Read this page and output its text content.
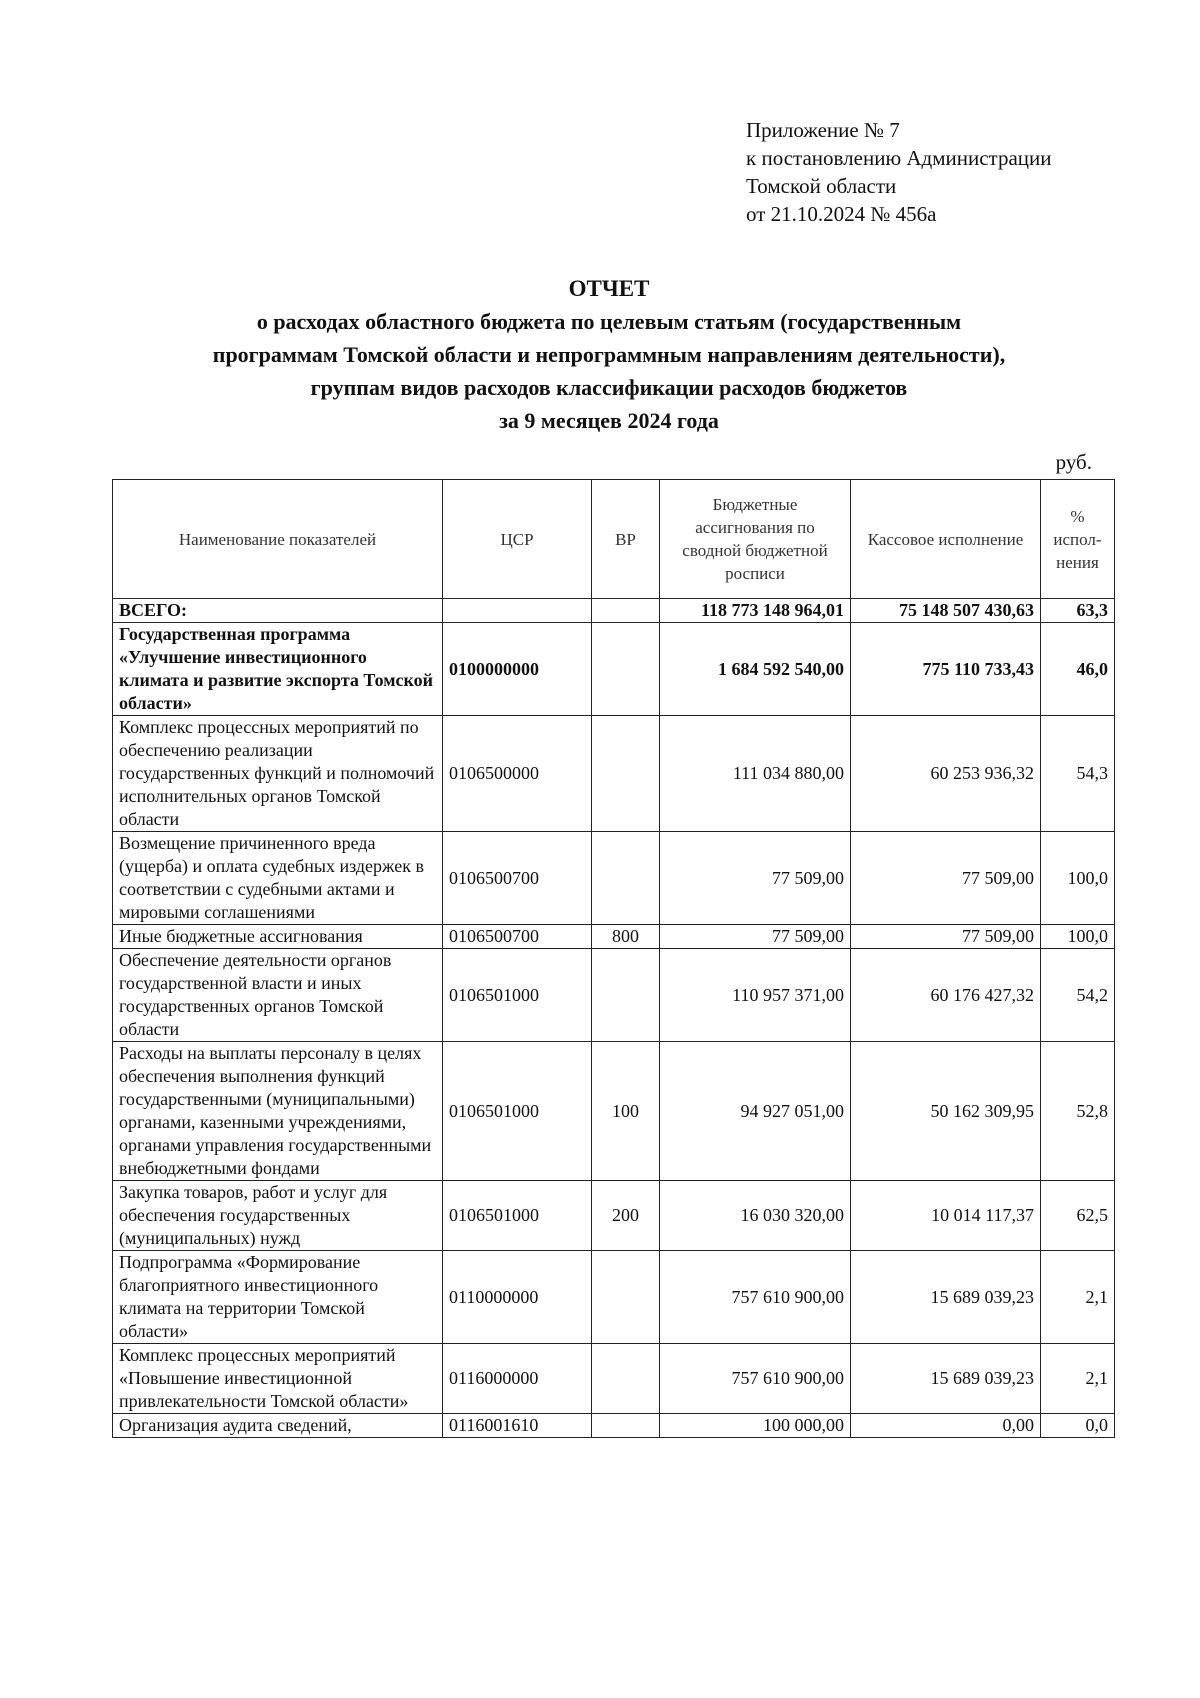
Приложение № 7
к постановлению Администрации
Томской области
от 21.10.2024 № 456а
ОТЧЕТ
о расходах областного бюджета по целевым статьям (государственным
программам Томской области и непрограммным направлениям деятельности),
группам видов расходов классификации расходов бюджетов
за 9 месяцев 2024 года
руб.
Наименование показателей	ЦСР	ВР	Бюджетные ассигнования по сводной бюджетной росписи	Кассовое исполнение	% испол-нения
ВСЕГО:			118 773 148 964,01	75 148 507 430,63	63,3
Государственная программа «Улучшение инвестиционного климата и развитие экспорта Томской области»	0100000000		1 684 592 540,00	775 110 733,43	46,0
Комплекс процессных мероприятий по обеспечению реализации государственных функций и полномочий исполнительных органов Томской области	0106500000		111 034 880,00	60 253 936,32	54,3
Возмещение причиненного вреда (ущерба) и оплата судебных издержек в соответствии с судебными актами и мировыми соглашениями	0106500700		77 509,00	77 509,00	100,0
Иные бюджетные ассигнования	0106500700	800	77 509,00	77 509,00	100,0
Обеспечение деятельности органов государственной власти и иных государственных органов Томской области	0106501000		110 957 371,00	60 176 427,32	54,2
Расходы на выплаты персоналу в целях обеспечения выполнения функций государственными (муниципальными) органами, казенными учреждениями, органами управления государственными внебюджетными фондами	0106501000	100	94 927 051,00	50 162 309,95	52,8
Закупка товаров, работ и услуг для обеспечения государственных (муниципальных) нужд	0106501000	200	16 030 320,00	10 014 117,37	62,5
Подпрограмма «Формирование благоприятного инвестиционного климата на территории Томской области»	0110000000		757 610 900,00	15 689 039,23	2,1
Комплекс процессных мероприятий «Повышение инвестиционной привлекательности Томской области»	0116000000		757 610 900,00	15 689 039,23	2,1
Организация аудита сведений,	0116001610		100 000,00	0,00	0,0
